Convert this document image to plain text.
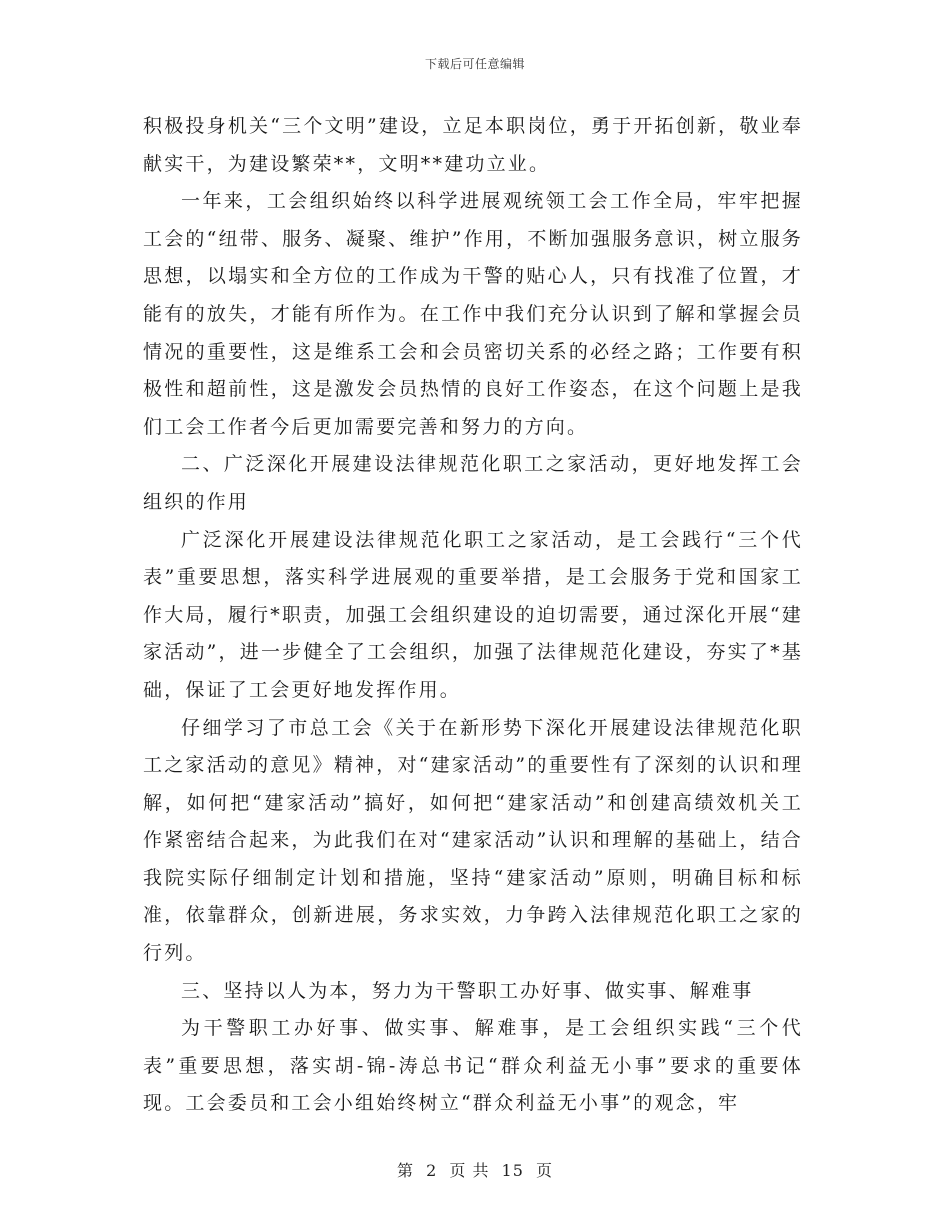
下载后可任意编辑

积极投身机关“三个文明”建设，立足本职岗位，勇于开拓创新，敬业奉献实干，为建设繁荣**，文明**建功立业。

一年来，工会组织始终以科学进展观统领工会工作全局，牢牢把握工会的“纽带、服务、凝聚、维护”作用，不断加强服务意识，树立服务思想，以塌实和全方位的工作成为干警的贴心人，只有找准了位置，才能有的放失，才能有所作为。在工作中我们充分认识到了解和掌握会员情况的重要性，这是维系工会和会员密切关系的必经之路；工作要有积极性和超前性，这是激发会员热情的良好工作姿态，在这个问题上是我们工会工作者今后更加需要完善和努力的方向。

二、广泛深化开展建设法律规范化职工之家活动，更好地发挥工会组织的作用

广泛深化开展建设法律规范化职工之家活动，是工会践行“三个代表”重要思想，落实科学进展观的重要举措，是工会服务于党和国家工作大局，履行*职责，加强工会组织建设的迫切需要，通过深化开展“建家活动”，进一步健全了工会组织，加强了法律规范化建设，夯实了*基础，保证了工会更好地发挥作用。

仔细学习了市总工会《关于在新形势下深化开展建设法律规范化职工之家活动的意见》精神，对“建家活动”的重要性有了深刻的认识和理解，如何把“建家活动”搞好，如何把“建家活动”和创建高绩效机关工作紧密结合起来，为此我们在对“建家活动”认识和理解的基础上，结合我院实际仔细制定计划和措施，坚持“建家活动”原则，明确目标和标准，依靠群众，创新进展，务求实效，力争跨入法律规范化职工之家的行列。

三、坚持以人为本，努力为干警职工办好事、做实事、解难事

为干警职工办好事、做实事、解难事，是工会组织实践“三个代表”重要思想，落实胡-锦-涛总书记“群众利益无小事”要求的重要体现。工会委员和工会小组始终树立“群众利益无小事”的观念，牢

第 2 页 共 15 页
